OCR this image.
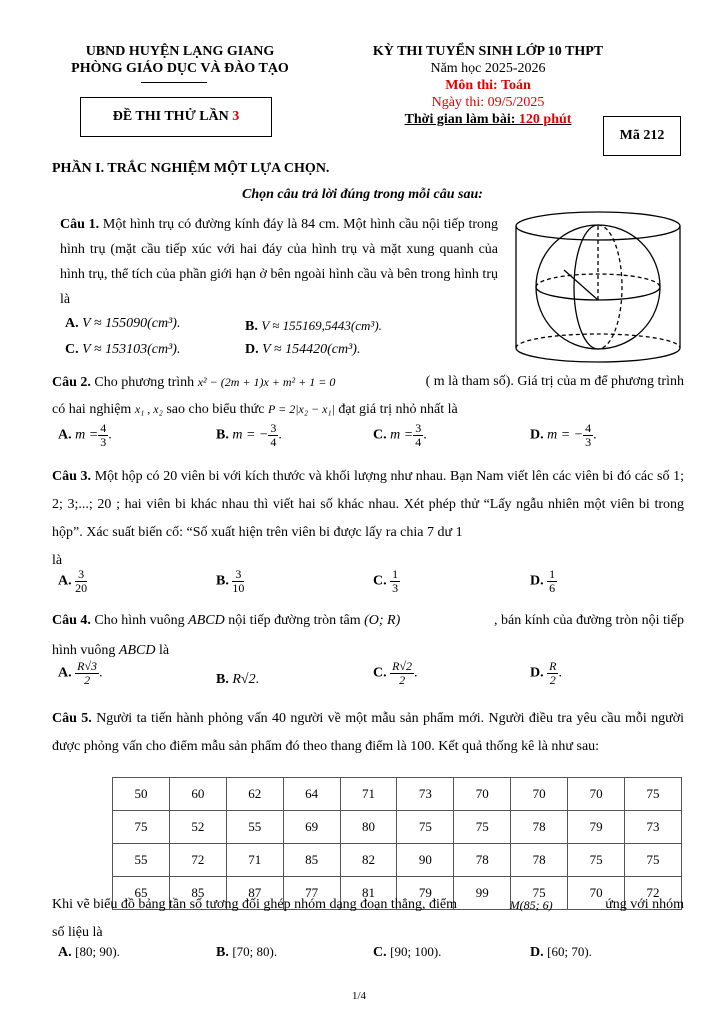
UBND HUYỆN LẠNG GIANG
PHÒNG GIÁO DỤC VÀ ĐÀO TẠO
ĐỀ THI THỬ LẦN 3
KỲ THI TUYỂN SINH LỚP 10 THPT
Năm học 2025-2026
Môn thi: Toán
Ngày thi: 09/5/2025
Thời gian làm bài: 120 phút
Mã 212
PHẦN I. TRẮC NGHIỆM MỘT LỰA CHỌN.
Chọn câu trả lời đúng trong mỗi câu sau:
Câu 1. Một hình trụ có đường kính đáy là 84 cm. Một hình cầu nội tiếp trong hình trụ (mặt cầu tiếp xúc với hai đáy của hình trụ và mặt xung quanh của hình trụ, thể tích của phần giới hạn ở bên ngoài hình cầu và bên trong hình trụ là
A. V ≈ 155090(cm³).	B. V ≈ 155169,5443(cm³).
C. V ≈ 153103(cm³).	D. V ≈ 154420(cm³).
Câu 2. Cho phương trình x² − (2m + 1)x + m² + 1 = 0	( m là tham số). Giá trị của m để phương trình
có hai nghiệm x₁ , x₂ sao cho biểu thức P = 2|x₂ − x₁| đạt giá trị nhỏ nhất là
A. $m = \frac{4}{3}$ .	B. m = − $\frac{3}{4}$ .	C. $m = \frac{3}{4}$ .	D. m = − $\frac{4}{3}$ .
Câu 3. Một hộp có 20 viên bi với kích thước và khối lượng như nhau. Bạn Nam viết lên các viên bi đó các số 1; 2; 3;...; 20 ; hai viên bi khác nhau thì viết hai số khác nhau. Xét phép thử “Lấy ngẫu nhiên một viên bi trong hộp”. Xác suất biến cố: “Số xuất hiện trên viên bi được lấy ra chia 7 dư 1
là
A. $\frac{3}{20}$	B. $\frac{3}{10}$	C. $\frac{1}{3}$	D. $\frac{1}{6}$
Câu 4. Cho hình vuông ABCD nội tiếp đường tròn tâm (O; R)	, bán kính của đường tròn nội tiếp
hình vuông ABCD là
A. $\frac{R√3}{2}$ .	B. R√2.	C. $\frac{R√2}{2}$ .	D. $\frac{R}{2}$ .
Câu 5. Người ta tiến hành phỏng vấn 40 người về một mẫu sản phẩm mới. Người điều tra yêu cầu mỗi người được phỏng vấn cho điểm mẫu sản phẩm đó theo thang điểm là 100. Kết quả thống kê là như sau:
50	60	62	64	71	73	70	70	70	75
75	52	55	69	80	75	75	78	79	73
55	72	71	85	82	90	78	78	75	75
65	85	87	77	81	79	99	75	70	72
Khi vẽ biểu đồ bảng tần số tương đối ghép nhóm dạng đoạn thẳng, điểm	M(85; 6)	ứng với nhóm
số liệu là
A. [80; 90).	B. [70; 80).	C. [90; 100).	D. [60; 70).
1/4
